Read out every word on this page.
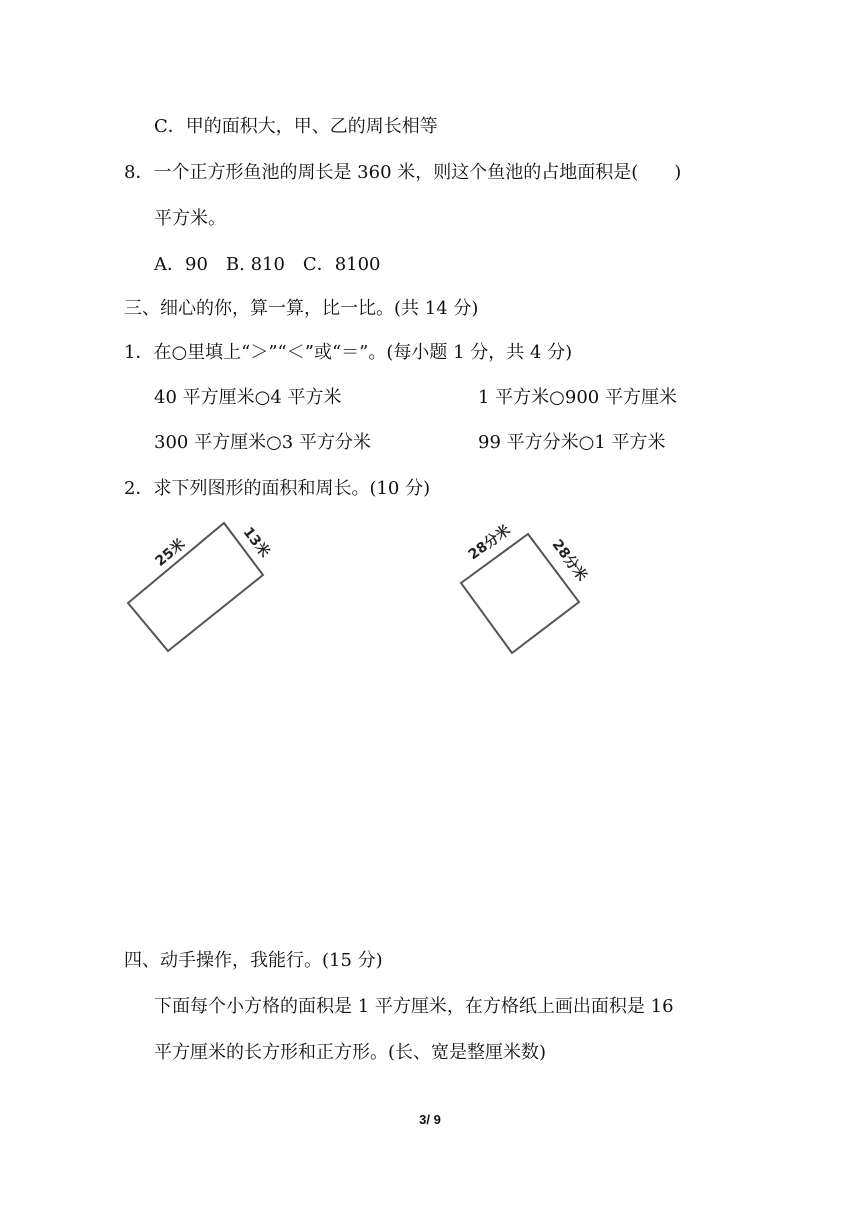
C．甲的面积大，甲、乙的周长相等
8．一个正方形鱼池的周长是 360 米，则这个鱼池的占地面积是(　　)
平方米。
A．90　B. 810　C．8100
三、细心的你，算一算，比一比。(共 14 分)
1．在○里填上“＞”“＜”或“＝”。(每小题 1 分，共 4 分)
40 平方厘米○4 平方米	1 平方米○900 平方厘米
300 平方厘米○3 平方分米	99 平方分米○1 平方米
2．求下列图形的面积和周长。(10 分)
25米	13米	28分米 28分米
四、动手操作，我能行。(15 分)
下面每个小方格的面积是 1 平方厘米，在方格纸上画出面积是 16
平方厘米的长方形和正方形。(长、宽是整厘米数)
3/ 9
